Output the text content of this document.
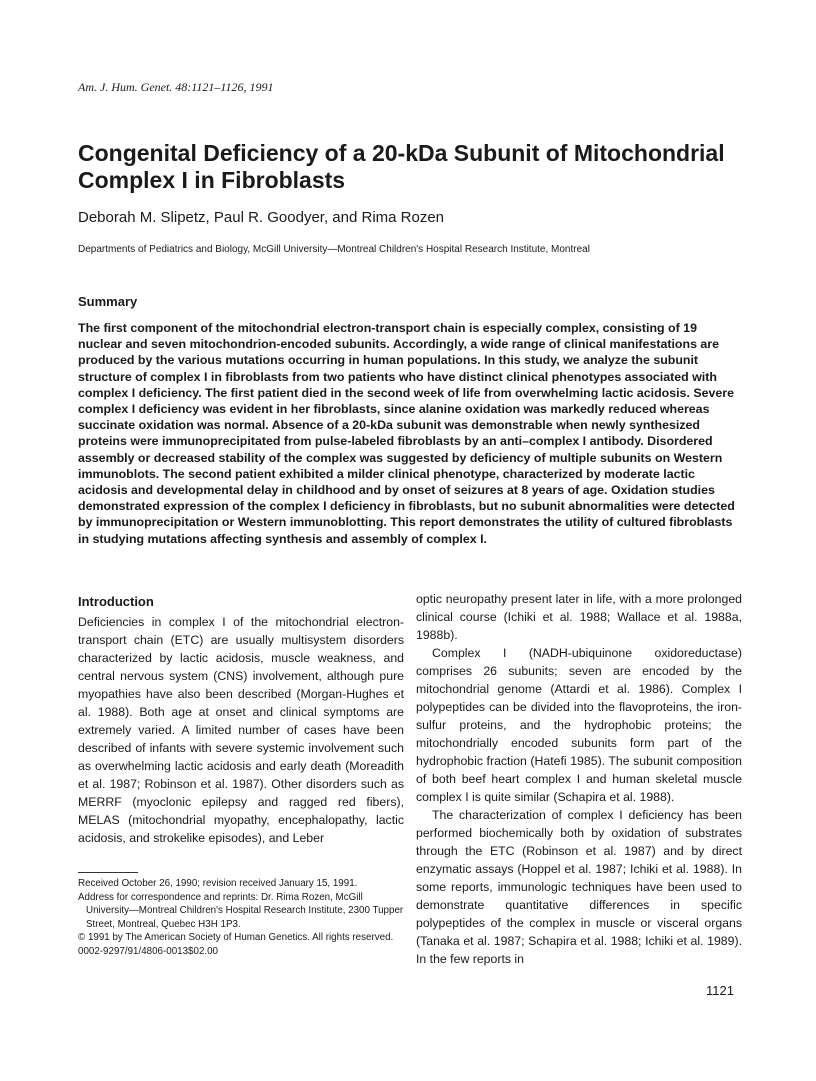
Am. J. Hum. Genet. 48:1121–1126, 1991
Congenital Deficiency of a 20-kDa Subunit of Mitochondrial Complex I in Fibroblasts
Deborah M. Slipetz, Paul R. Goodyer, and Rima Rozen
Departments of Pediatrics and Biology, McGill University—Montreal Children's Hospital Research Institute, Montreal
Summary

The first component of the mitochondrial electron-transport chain is especially complex, consisting of 19 nuclear and seven mitochondrion-encoded subunits. Accordingly, a wide range of clinical manifestations are produced by the various mutations occurring in human populations. In this study, we analyze the subunit structure of complex I in fibroblasts from two patients who have distinct clinical phenotypes associated with complex I deficiency. The first patient died in the second week of life from overwhelming lactic acidosis. Severe complex I deficiency was evident in her fibroblasts, since alanine oxidation was markedly reduced whereas succinate oxidation was normal. Absence of a 20-kDa subunit was demonstrable when newly synthesized proteins were immunoprecipitated from pulse-labeled fibroblasts by an anti–complex I antibody. Disordered assembly or decreased stability of the complex was suggested by deficiency of multiple subunits on Western immunoblots. The second patient exhibited a milder clinical phenotype, characterized by moderate lactic acidosis and developmental delay in childhood and by onset of seizures at 8 years of age. Oxidation studies demonstrated expression of the complex I deficiency in fibroblasts, but no subunit abnormalities were detected by immunoprecipitation or Western immunoblotting. This report demonstrates the utility of cultured fibroblasts in studying mutations affecting synthesis and assembly of complex I.

Introduction

Deficiencies in complex I of the mitochondrial electron-transport chain (ETC) are usually multisystem disorders characterized by lactic acidosis, muscle weakness, and central nervous system (CNS) involvement, although pure myopathies have also been described (Morgan-Hughes et al. 1988). Both age at onset and clinical symptoms are extremely varied. A limited number of cases have been described of infants with severe systemic involvement such as overwhelming lactic acidosis and early death (Moreadith et al. 1987; Robinson et al. 1987). Other disorders such as MERRF (myoclonic epilepsy and ragged red fibers), MELAS (mitochondrial myopathy, encephalopathy, lactic acidosis, and strokelike episodes), and Leber

optic neuropathy present later in life, with a more prolonged clinical course (Ichiki et al. 1988; Wallace et al. 1988a, 1988b).

Complex I (NADH-ubiquinone oxidoreductase) comprises 26 subunits; seven are encoded by the mitochondrial genome (Attardi et al. 1986). Complex I polypeptides can be divided into the flavoproteins, the iron-sulfur proteins, and the hydrophobic proteins; the mitochondrially encoded subunits form part of the hydrophobic fraction (Hatefi 1985). The subunit composition of both beef heart complex I and human skeletal muscle complex I is quite similar (Schapira et al. 1988).

The characterization of complex I deficiency has been performed biochemically both by oxidation of substrates through the ETC (Robinson et al. 1987) and by direct enzymatic assays (Hoppel et al. 1987; Ichiki et al. 1988). In some reports, immunologic techniques have been used to demonstrate quantitative differences in specific polypeptides of the complex in muscle or visceral organs (Tanaka et al. 1987; Schapira et al. 1988; Ichiki et al. 1989). In the few reports in

Received October 26, 1990; revision received January 15, 1991.
Address for correspondence and reprints: Dr. Rima Rozen, McGill University—Montreal Children's Hospital Research Institute, 2300 Tupper Street, Montreal, Quebec H3H 1P3.
© 1991 by The American Society of Human Genetics. All rights reserved.
0002-9297/91/4806-0013$02.00
1121
